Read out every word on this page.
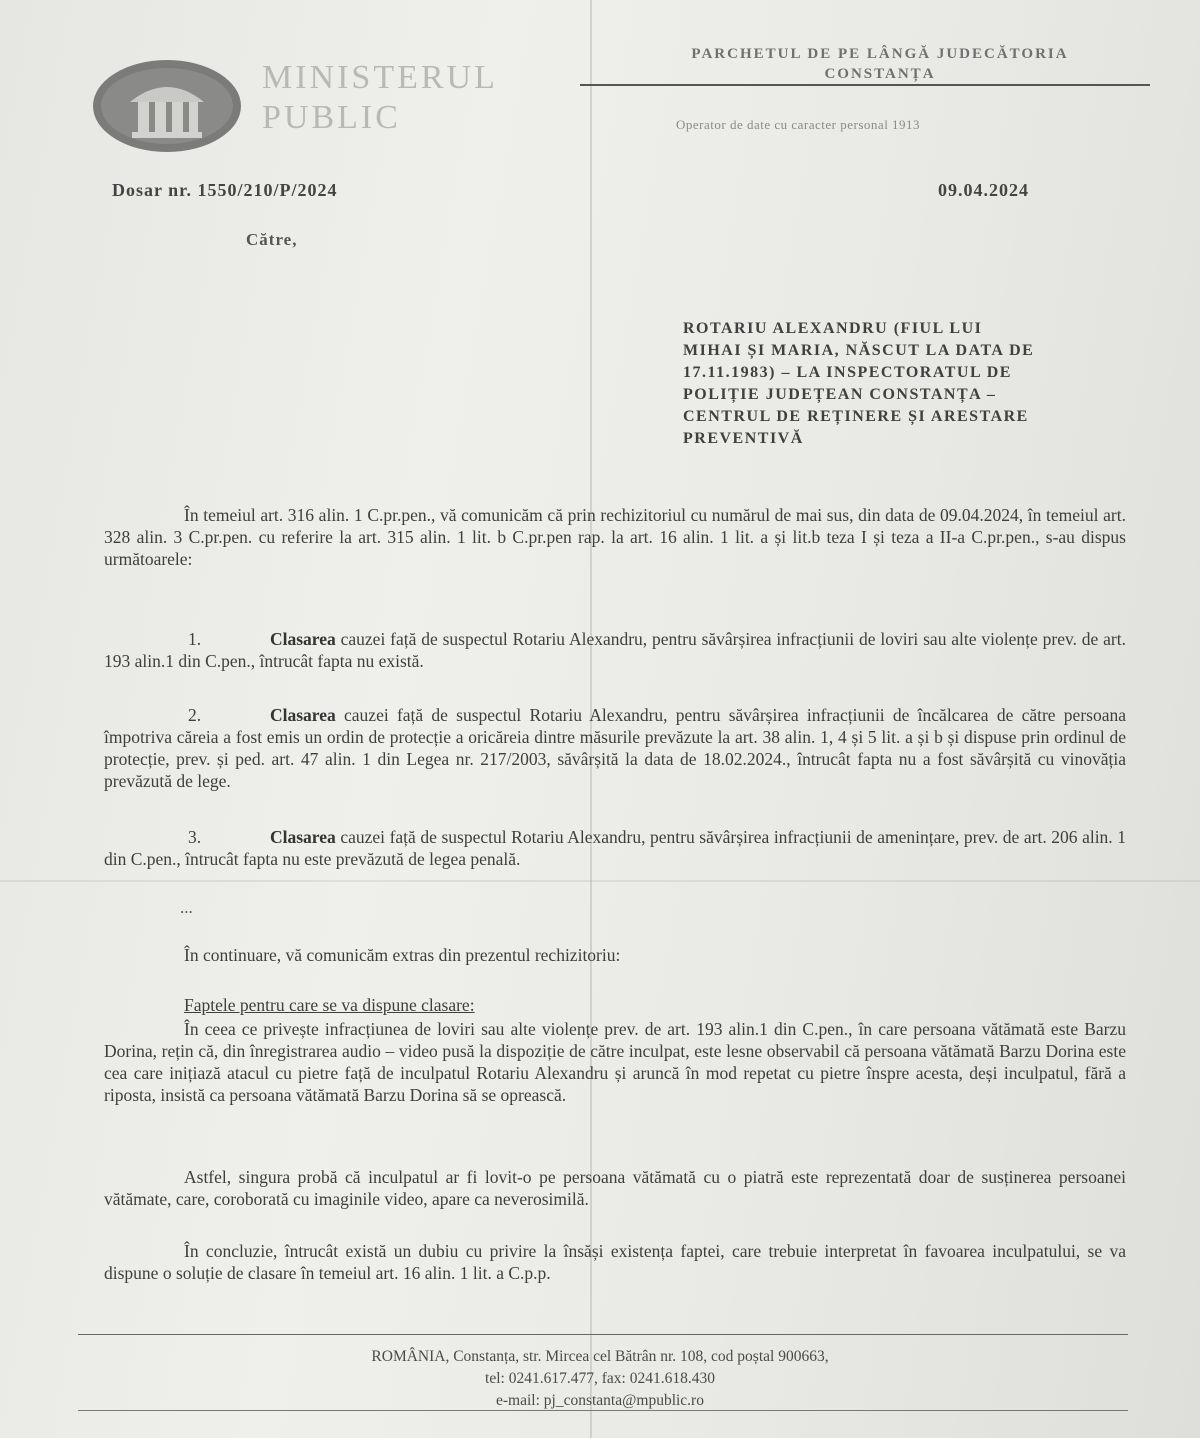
MINISTERUL
PUBLIC
PARCHETUL DE PE LÂNGĂ JUDECĂTORIA
CONSTANȚA
Operator de date cu caracter personal 1913
Dosar nr. 1550/210/P/2024	09.04.2024
Către,
ROTARIU ALEXANDRU (FIUL LUI
MIHAI ȘI MARIA, NĂSCUT LA DATA DE
17.11.1983) – LA INSPECTORATUL DE
POLIȚIE JUDEȚEAN CONSTANȚA –
CENTRUL DE REȚINERE ȘI ARESTARE
PREVENTIVĂ
În temeiul art. 316 alin. 1 C.pr.pen., vă comunicăm că prin rechizitoriul cu numărul de mai sus, din data de 09.04.2024, în temeiul art. 328 alin. 3 C.pr.pen. cu referire la art. 315 alin. 1 lit. b C.pr.pen rap. la art. 16 alin. 1 lit. a și lit.b teza I și teza a II-a C.pr.pen., s-au dispus următoarele:
1.	Clasarea cauzei față de suspectul Rotariu Alexandru, pentru săvârșirea infracțiunii de loviri sau alte violențe prev. de art. 193 alin.1 din C.pen., întrucât fapta nu există.
2.	Clasarea cauzei față de suspectul Rotariu Alexandru, pentru săvârșirea infracțiunii de încălcarea de către persoana împotriva căreia a fost emis un ordin de protecție a oricăreia dintre măsurile prevăzute la art. 38 alin. 1, 4 și 5 lit. a și b și dispuse prin ordinul de protecție, prev. și ped. art. 47 alin. 1 din Legea nr. 217/2003, săvârșită la data de 18.02.2024., întrucât fapta nu a fost săvârșită cu vinovăția prevăzută de lege.
3.	Clasarea cauzei față de suspectul Rotariu Alexandru, pentru săvârșirea infracțiunii de amenințare, prev. de art. 206 alin. 1 din C.pen., întrucât fapta nu este prevăzută de legea penală.
...
În continuare, vă comunicăm extras din prezentul rechizitoriu:
Faptele pentru care se va dispune clasare:
În ceea ce privește infracțiunea de loviri sau alte violențe prev. de art. 193 alin.1 din C.pen., în care persoana vătămată este Barzu Dorina, rețin că, din înregistrarea audio – video pusă la dispoziție de către inculpat, este lesne observabil că persoana vătămată Barzu Dorina este cea care inițiază atacul cu pietre față de inculpatul Rotariu Alexandru și aruncă în mod repetat cu pietre înspre acesta, deși inculpatul, fără a riposta, insistă ca persoana vătămată Barzu Dorina să se oprească.
Astfel, singura probă că inculpatul ar fi lovit-o pe persoana vătămată cu o piatră este reprezentată doar de susținerea persoanei vătămate, care, coroborată cu imaginile video, apare ca neverosimilă.
În concluzie, întrucât există un dubiu cu privire la însăși existența faptei, care trebuie interpretat în favoarea inculpatului, se va dispune o soluție de clasare în temeiul art. 16 alin. 1 lit. a C.p.p.
ROMÂNIA, Constanța, str. Mircea cel Bătrân nr. 108, cod poștal 900663,
tel: 0241.617.477, fax: 0241.618.430
e-mail: pj_constanta@mpublic.ro
